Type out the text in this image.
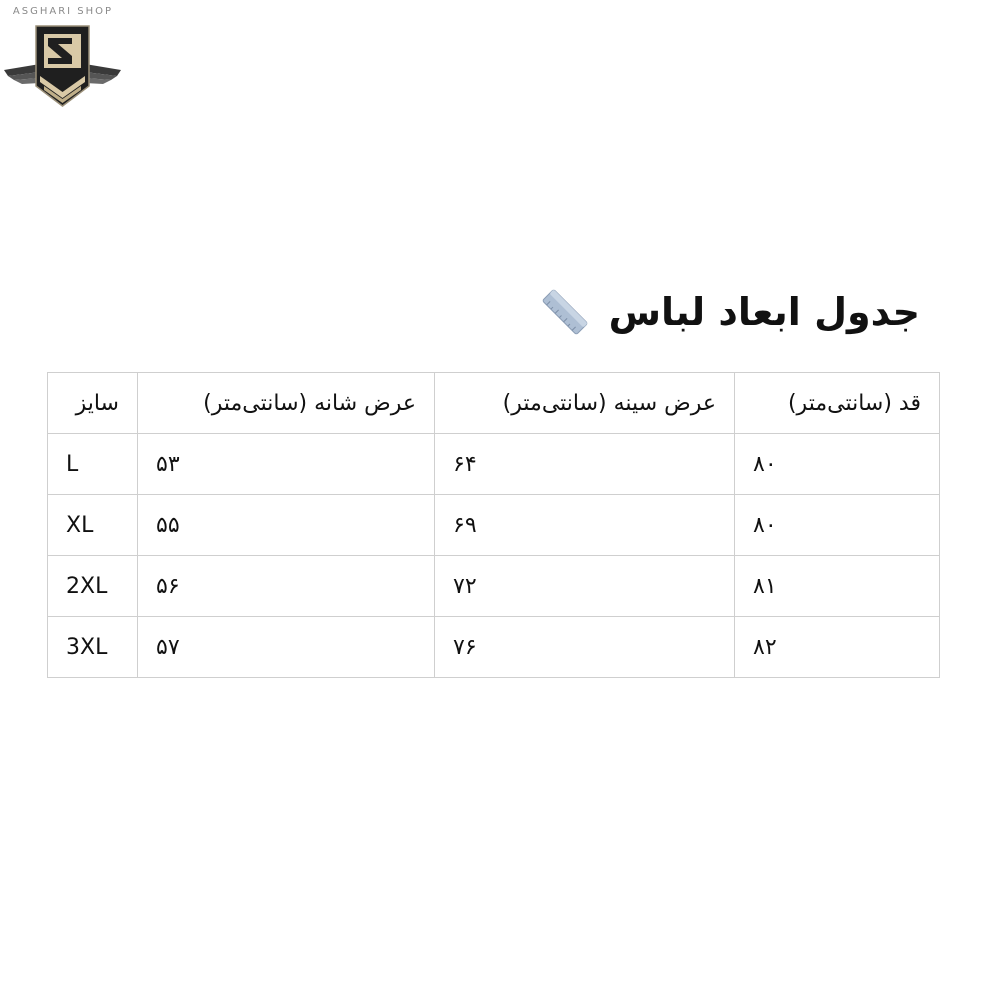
ASGHARI SHOP
جدول ابعاد لباس
سایز	عرض شانه (سانتی‌متر)	عرض سینه (سانتی‌متر)	قد (سانتی‌متر)
L	۵۳	۶۴	۸۰
XL	۵۵	۶۹	۸۰
2XL	۵۶	۷۲	۸۱
3XL	۵۷	۷۶	۸۲
